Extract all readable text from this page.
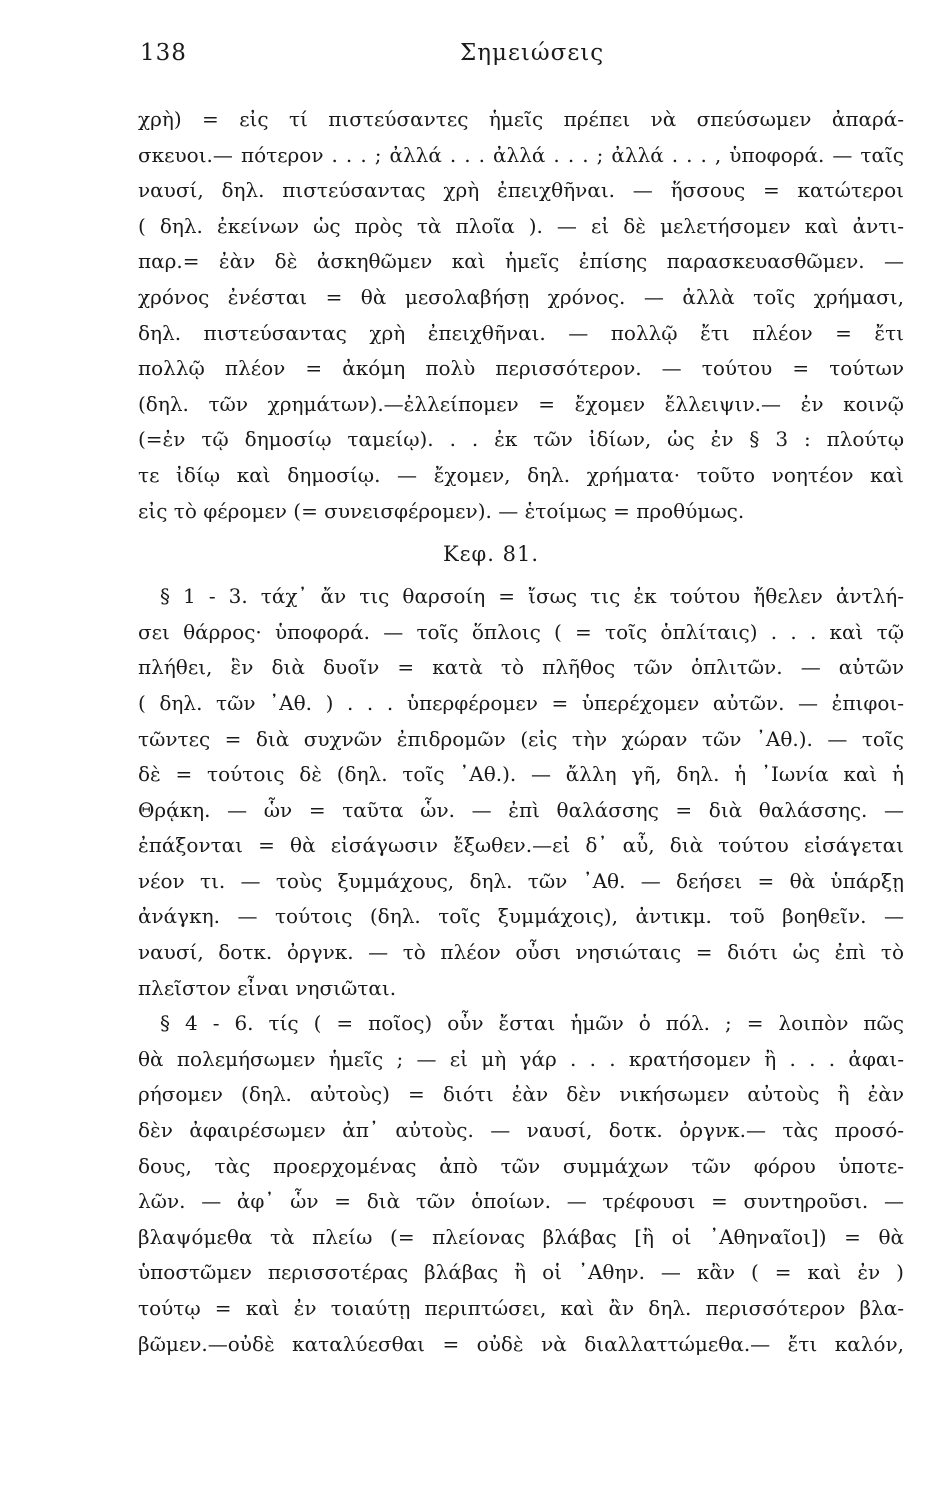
138	Σημειώσεις
χρὴ) = εἰς τί πιστεύσαντες ἡμεῖς πρέπει νὰ σπεύσωμεν ἀπαρά-
σκευοι.— πότερον . . . ; ἀλλά . . . ἀλλά . . . ; ἀλλά . . . , ὑποφορά. — ταῖς
ναυσί, δηλ. πιστεύσαντας χρὴ ἐπειχθῆναι. — ἥσσους = κατώτεροι
( δηλ. ἐκείνων ὡς πρὸς τὰ πλοῖα ). — εἰ δὲ μελετήσομεν καὶ ἀντι-
παρ.= ἐὰν δὲ ἀσκηθῶμεν καὶ ἡμεῖς ἐπίσης παρασκευασθῶμεν. —
χρόνος ἐνέσται = θὰ μεσολαβήσῃ χρόνος. — ἀλλὰ τοῖς χρήμασι,
δηλ. πιστεύσαντας χρὴ ἐπειχθῆναι. — πολλῷ ἔτι πλέον = ἔτι
πολλῷ πλέον = ἀκόμη πολὺ περισσότερον. — τούτου = τούτων
(δηλ. τῶν χρημάτων).—ἐλλείπομεν = ἔχομεν ἔλλειψιν.— ἐν κοινῷ
(=ἐν τῷ δημοσίῳ ταμείῳ). . . ἐκ τῶν ἰδίων, ὡς ἐν § 3 : πλούτῳ
τε ἰδίῳ καὶ δημοσίῳ. — ἔχομεν, δηλ. χρήματα· τοῦτο νοητέον καὶ
εἰς τὸ φέρομεν (= συνεισφέρομεν). — ἑτοίμως = προθύμως.
Κεφ. 81.
§ 1 - 3. τάχ᾽ ἄν τις θαρσοίη = ἴσως τις ἐκ τούτου ἤθελεν ἀντλή-
σει θάρρος· ὑποφορά. — τοῖς ὅπλοις ( = τοῖς ὁπλίταις) . . . καὶ τῷ
πλήθει, ἓν διὰ δυοῖν = κατὰ τὸ πλῆθος τῶν ὁπλιτῶν. — αὐτῶν
( δηλ. τῶν ᾽Αθ. ) . . . ὑπερφέρομεν = ὑπερέχομεν αὐτῶν. — ἐπιφοι-
τῶντες = διὰ συχνῶν ἐπιδρομῶν (εἰς τὴν χώραν τῶν ᾽Αθ.). — τοῖς
δὲ = τούτοις δὲ (δηλ. τοῖς ᾽Αθ.). — ἄλλη γῆ, δηλ. ἡ ᾽Ιωνία καὶ ἡ
Θρᾴκη. — ὧν = ταῦτα ὧν. — ἐπὶ θαλάσσης = διὰ θαλάσσης. —
ἐπάξονται = θὰ εἰσάγωσιν ἔξωθεν.—εἰ δ᾽ αὖ, διὰ τούτου εἰσάγεται
νέον τι. — τοὺς ξυμμάχους, δηλ. τῶν ᾽Αθ. — δεήσει = θὰ ὑπάρξῃ
ἀνάγκη. — τούτοις (δηλ. τοῖς ξυμμάχοις), ἀντικμ. τοῦ βοηθεῖν. —
ναυσί, δοτκ. ὀργνκ. — τὸ πλέον οὖσι νησιώταις = διότι ὡς ἐπὶ τὸ
πλεῖστον εἶναι νησιῶται.
§ 4 - 6. τίς ( = ποῖος) οὖν ἔσται ἡμῶν ὁ πόλ. ; = λοιπὸν πῶς
θὰ πολεμήσωμεν ἡμεῖς ; — εἰ μὴ γάρ . . . κρατήσομεν ἢ . . . ἀφαι-
ρήσομεν (δηλ. αὐτοὺς) = διότι ἐὰν δὲν νικήσωμεν αὐτοὺς ἢ ἐὰν
δὲν ἀφαιρέσωμεν ἀπ᾽ αὐτοὺς. — ναυσί, δοτκ. ὀργνκ.— τὰς προσό-
δους, τὰς προερχομένας ἀπὸ τῶν συμμάχων τῶν φόρου ὑποτε-
λῶν. — ἀφ᾽ ὧν = διὰ τῶν ὁποίων. — τρέφουσι = συντηροῦσι. —
βλαψόμεθα τὰ πλείω (= πλείονας βλάβας [ἢ οἱ ᾽Αθηναῖοι]) = θὰ
ὑποστῶμεν περισσοτέρας βλάβας ἢ οἱ ᾽Αθην. — κἂν ( = καὶ ἐν )
τούτῳ = καὶ ἐν τοιαύτῃ περιπτώσει, καὶ ἂν δηλ. περισσότερον βλα-
βῶμεν.—οὐδὲ καταλύεσθαι = οὐδὲ νὰ διαλλαττώμεθα.— ἔτι καλόν,
